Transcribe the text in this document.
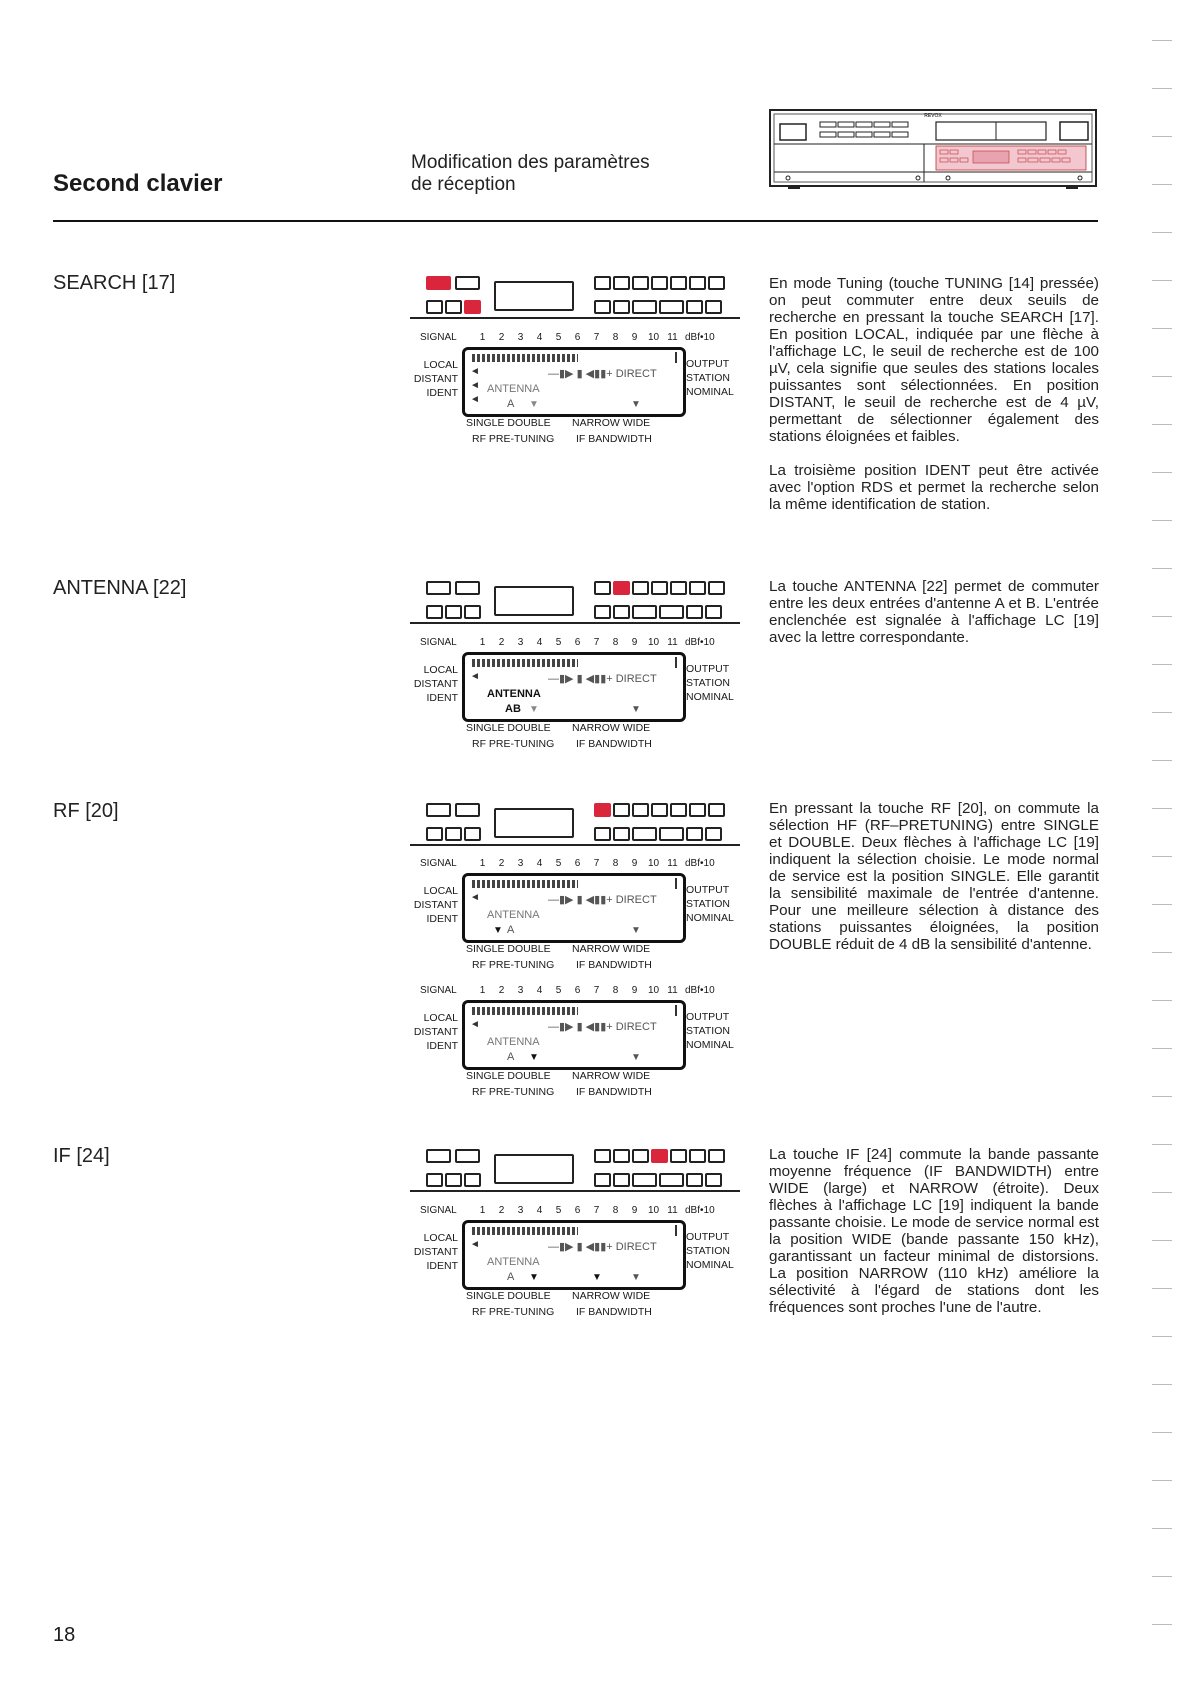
Second clavier
Modification des paramètres
de réception
REVOX
SEARCH [17]
SIGNAL	1 2 3 4 5 6 7 8 9 10 11 dBf•10
LOCAL
DISTANT
IDENT
OUTPUT
STATION
NOMINAL
◄
◄
◄
—▮▶ ▮ ◀▮▮+ DIRECT
ANTENNA
A ▼	▼
SINGLE DOUBLE NARROW WIDE
RF PRE-TUNING IF BANDWIDTH

En mode Tuning (touche TUNING [14] pressée) on peut commuter entre deux seuils de recherche en pressant la touche SEARCH [17]. En position LOCAL, indiquée par une flèche à l'affichage LC, le seuil de recherche est de 100 µV, cela signifie que seules des stations locales puissantes sont sélectionnées. En position DISTANT, le seuil de recherche est de 4 µV, permettant de sélectionner également des stations éloignées et faibles.

La troisième position IDENT peut être activée avec l'option RDS et permet la recherche selon la même identification de station.

ANTENNA [22]
SIGNAL	1 2 3 4 5 6 7 8 9 10 11 dBf•10
LOCAL
DISTANT
IDENT
OUTPUT
STATION
NOMINAL
◄	—▮▶ ▮ ◀▮▮+ DIRECT
ANTENNA
AB ▼	▼
SINGLE DOUBLE NARROW WIDE
RF PRE-TUNING IF BANDWIDTH

La touche ANTENNA [22] permet de commuter entre les deux entrées d'antenne A et B. L'entrée enclenchée est signalée à l'affichage LC [19] avec la lettre correspondante.

RF [20]
SIGNAL	1 2 3 4 5 6 7 8 9 10 11 dBf•10
LOCAL
DISTANT
IDENT
OUTPUT
STATION
NOMINAL
◄	—▮▶ ▮ ◀▮▮+ DIRECT
ANTENNA
A
▼	▼
SINGLE DOUBLE NARROW WIDE
RF PRE-TUNING IF BANDWIDTH
SIGNAL	1 2 3 4 5 6 7 8 9 10 11 dBf•10
LOCAL
DISTANT
IDENT
OUTPUT
STATION
NOMINAL
◄	—▮▶ ▮ ◀▮▮+ DIRECT
ANTENNA
A ▼	▼
SINGLE DOUBLE NARROW WIDE
RF PRE-TUNING IF BANDWIDTH

En pressant la touche RF [20], on commute la sélection HF (RF–PRETUNING) entre SINGLE et DOUBLE. Deux flèches à l'affichage LC [19] indiquent la sélection choisie. Le mode normal de service est la position SINGLE. Elle garantit la sensibilité maximale de l'entrée d'antenne. Pour une meilleure sélection à distance des stations puissantes éloignées, la position DOUBLE réduit de 4 dB la sensibilité d'antenne.

IF [24]
SIGNAL	1 2 3 4 5 6 7 8 9 10 11 dBf•10
LOCAL
DISTANT
IDENT
OUTPUT
STATION
NOMINAL
◄	—▮▶ ▮ ◀▮▮+ DIRECT
ANTENNA
A ▼	▼	▼
SINGLE DOUBLE NARROW WIDE
RF PRE-TUNING IF BANDWIDTH

La touche IF [24] commute la bande passante moyenne fréquence (IF BANDWIDTH) entre WIDE (large) et NARROW (étroite). Deux flèches à l'affichage LC [19] indiquent la bande passante choisie. Le mode de service normal est la position WIDE (bande passante 150 kHz), garantissant un facteur minimal de distorsions. La position NARROW (110 kHz) améliore la sélectivité à l'égard de stations dont les fréquences sont proches l'une de l'autre.

18
